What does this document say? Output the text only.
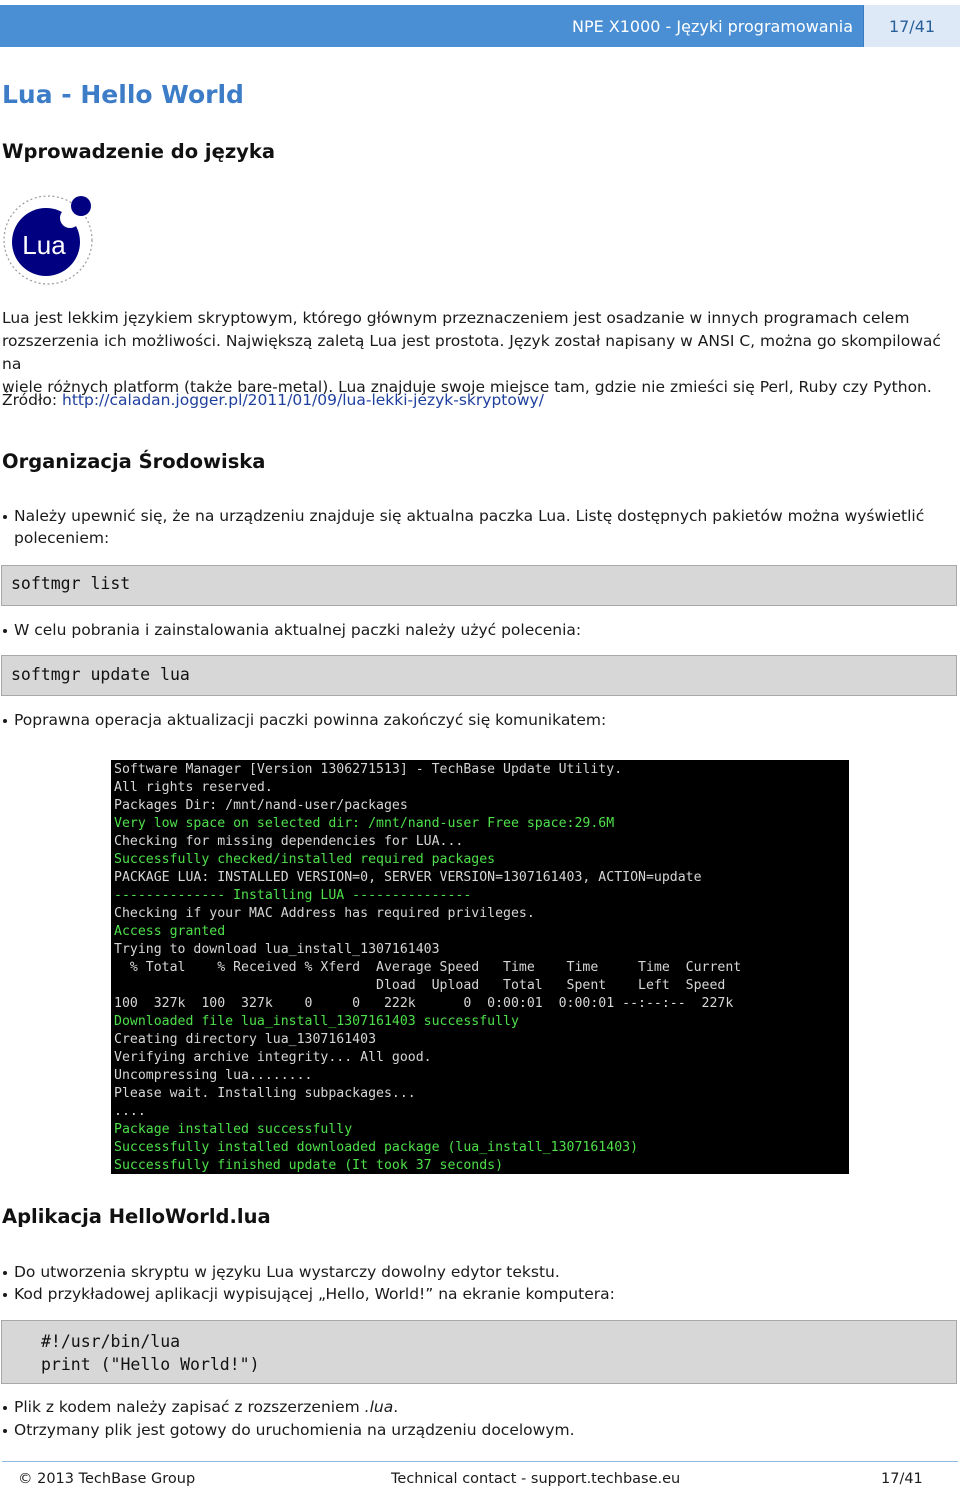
NPE X1000 - Języki programowania	17/41
Lua - Hello World
Wprowadzenie do języka
Lua
Lua jest lekkim językiem skryptowym, którego głównym przeznaczeniem jest osadzanie w innych programach celem
rozszerzenia ich możliwości. Największą zaletą Lua jest prostota. Język został napisany w ANSI C, można go skompilować na
wiele różnych platform (także bare-metal). Lua znajduje swoje miejsce tam, gdzie nie zmieści się Perl, Ruby czy Python.
Źródło: http://caladan.jogger.pl/2011/01/09/lua-lekki-jezyk-skryptowy/
Organizacja Środowiska
Należy upewnić się, że na urządzeniu znajduje się aktualna paczka Lua. Listę dostępnych pakietów można wyświetlić
poleceniem:
softmgr list
W celu pobrania i zainstalowania aktualnej paczki należy użyć polecenia:
softmgr update lua
Poprawna operacja aktualizacji paczki powinna zakończyć się komunikatem:
Software Manager [Version 1306271513] - TechBase Update Utility.
All rights reserved.
Packages Dir: /mnt/nand-user/packages
Very low space on selected dir: /mnt/nand-user Free space:29.6M
Checking for missing dependencies for LUA...
Successfully checked/installed required packages
PACKAGE LUA: INSTALLED VERSION=0, SERVER VERSION=1307161403, ACTION=update
-------------- Installing LUA ---------------
Checking if your MAC Address has required privileges.
Access granted
Trying to download lua_install_1307161403
% Total    % Received % Xferd  Average Speed   Time    Time     Time  Current
Dload  Upload   Total   Spent    Left  Speed
100  327k  100  327k    0     0   222k      0  0:00:01  0:00:01 --:--:--  227k
Downloaded file lua_install_1307161403 successfully
Creating directory lua_1307161403
Verifying archive integrity... All good.
Uncompressing lua........
Please wait. Installing subpackages...
....
Package installed successfully
Successfully installed downloaded package (lua_install_1307161403)
Successfully finished update (It took 37 seconds)
Aplikacja HelloWorld.lua
Do utworzenia skryptu w języku Lua wystarczy dowolny edytor tekstu.
Kod przykładowej aplikacji wypisującej „Hello, World!” na ekranie komputera:
#!/usr/bin/lua
print ("Hello World!")
Plik z kodem należy zapisać z rozszerzeniem .lua.
Otrzymany plik jest gotowy do uruchomienia na urządzeniu docelowym.
© 2013 TechBase Group	Technical contact - support.techbase.eu	17/41
